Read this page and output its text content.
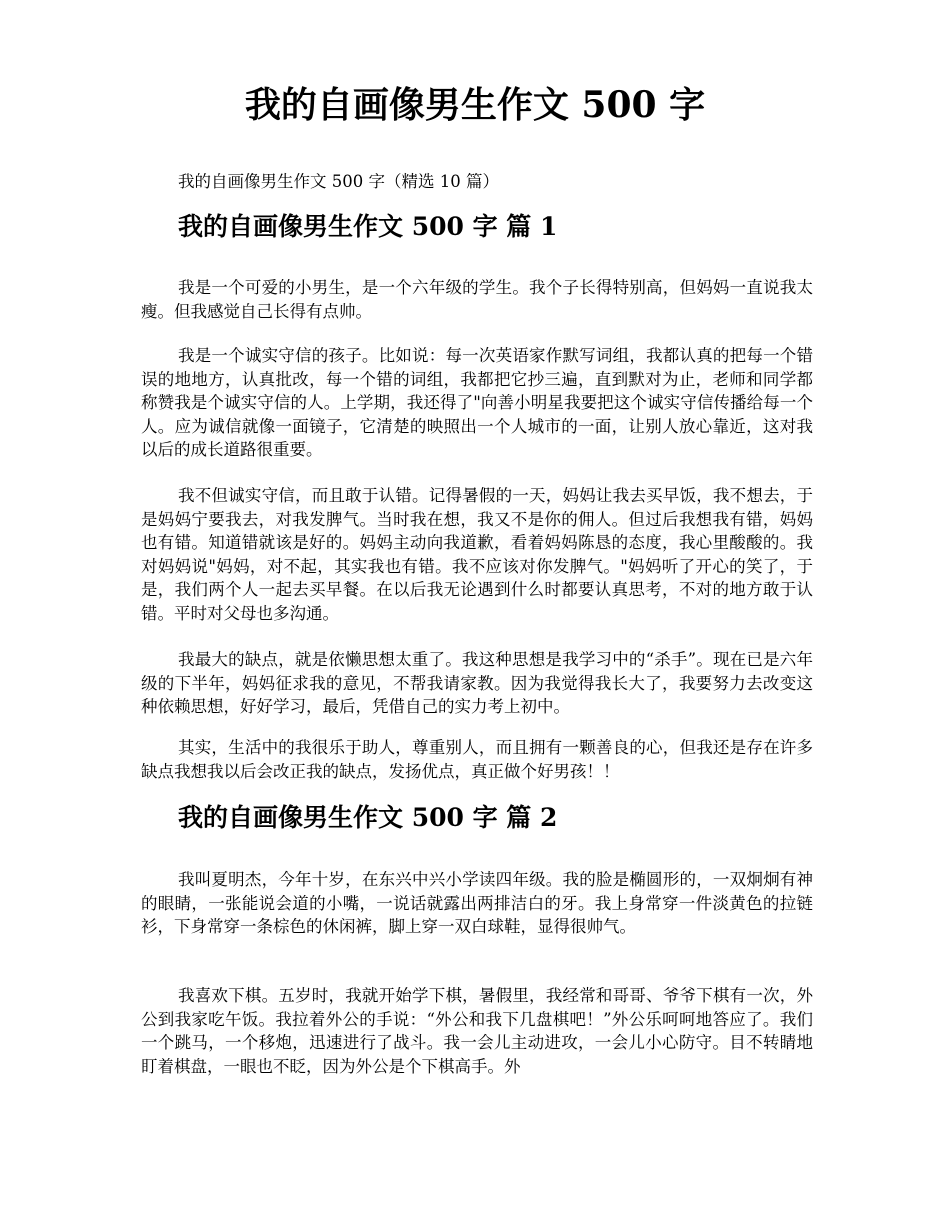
我的自画像男生作文 500 字

我的自画像男生作文 500 字（精选 10 篇）

我的自画像男生作文 500 字 篇 1

我是一个可爱的小男生，是一个六年级的学生。我个子长得特别高，但妈妈一直说我太瘦。但我感觉自己长得有点帅。

我是一个诚实守信的孩子。比如说：每一次英语家作默写词组，我都认真的把每一个错误的地地方，认真批改，每一个错的词组，我都把它抄三遍，直到默对为止，老师和同学都称赞我是个诚实守信的人。上学期，我还得了"向善小明星我要把这个诚实守信传播给每一个人。应为诚信就像一面镜子，它清楚的映照出一个人城市的一面，让别人放心靠近，这对我以后的成长道路很重要。

我不但诚实守信，而且敢于认错。记得暑假的一天，妈妈让我去买早饭，我不想去，于是妈妈宁要我去，对我发脾气。当时我在想，我又不是你的佣人。但过后我想我有错，妈妈也有错。知道错就该是好的。妈妈主动向我道歉，看着妈妈陈恳的态度，我心里酸酸的。我对妈妈说"妈妈，对不起，其实我也有错。我不应该对你发脾气。"妈妈听了开心的笑了，于是，我们两个人一起去买早餐。在以后我无论遇到什么时都要认真思考，不对的地方敢于认错。平时对父母也多沟通。

我最大的缺点，就是依懒思想太重了。我这种思想是我学习中的“杀手”。现在已是六年级的下半年，妈妈征求我的意见，不帮我请家教。因为我觉得我长大了，我要努力去改变这种依赖思想，好好学习，最后，凭借自己的实力考上初中。

其实，生活中的我很乐于助人，尊重别人，而且拥有一颗善良的心，但我还是存在许多缺点我想我以后会改正我的缺点，发扬优点，真正做个好男孩！！

我的自画像男生作文 500 字 篇 2

我叫夏明杰，今年十岁，在东兴中兴小学读四年级。我的脸是椭圆形的，一双炯炯有神的眼睛，一张能说会道的小嘴，一说话就露出两排洁白的牙。我上身常穿一件淡黄色的拉链衫，下身常穿一条棕色的休闲裤，脚上穿一双白球鞋，显得很帅气。

我喜欢下棋。五岁时，我就开始学下棋，暑假里，我经常和哥哥、爷爷下棋有一次，外公到我家吃午饭。我拉着外公的手说：“外公和我下几盘棋吧！”外公乐呵呵地答应了。我们一个跳马，一个移炮，迅速进行了战斗。我一会儿主动进攻，一会儿小心防守。目不转睛地盯着棋盘，一眼也不眨，因为外公是个下棋高手。外
